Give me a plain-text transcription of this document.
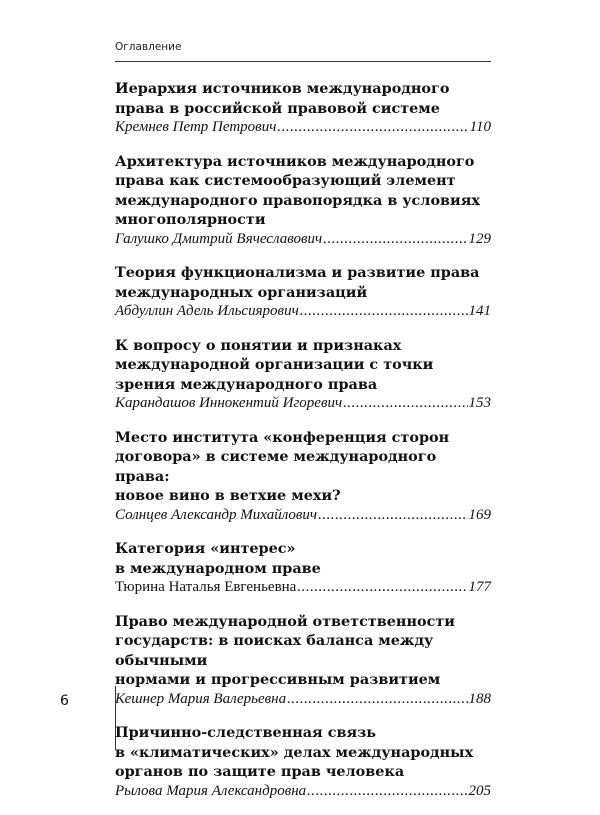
Оглавление
Иерархия источников международного
права в российской правовой системе
Кремнев Петр Петрович .....	110
Архитектура источников международного
права как системообразующий элемент
международного правопорядка в условиях
многополярности
Галушко Дмитрий Вячеславович .....	129
Теория функционализма и развитие права
международных организаций
Абдуллин Адель Ильсиярович .....	141
К вопросу о понятии и признаках
международной организации с точки
зрения международного права
Карандашов Иннокентий Игоревич .....	153
Место института «конференция сторон
договора» в системе международного права:
новое вино в ветхие мехи?
Солнцев Александр Михайлович .....	169
Категория «интерес»
в международном праве
Тюрина Наталья Евгеньевна .....	177
Право международной ответственности
государств: в поисках баланса между обычными
нормами и прогрессивным развитием
Кешнер Мария Валерьевна .....	188
Причинно-следственная связь
в «климатических» делах международных
органов по защите прав человека
Рылова Мария Александровна .....	205
6
